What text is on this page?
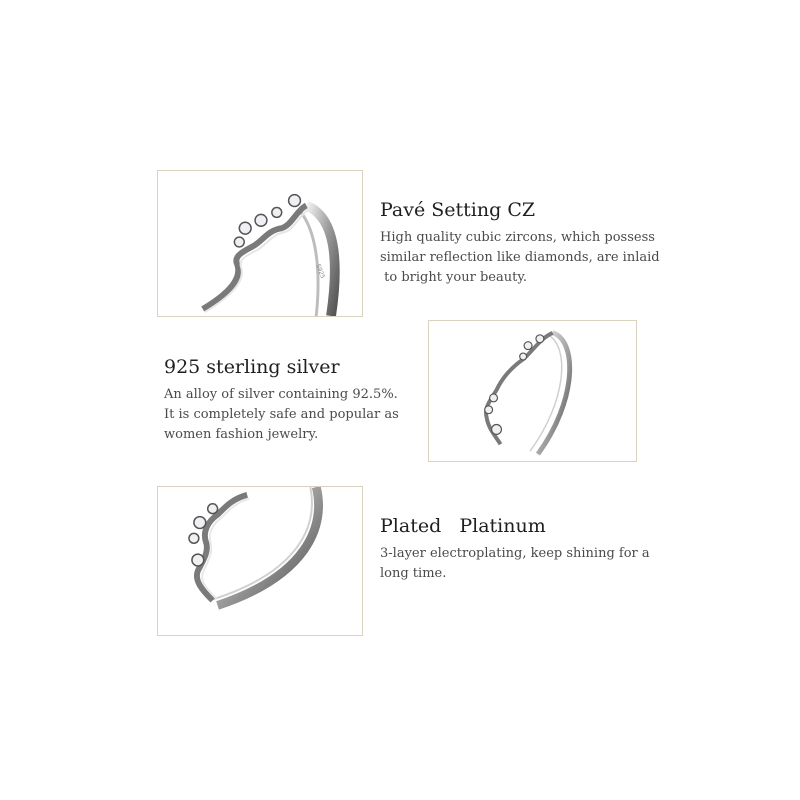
S925

Pavé Setting CZ

High quality cubic zircons, which possess

similar reflection like diamonds, are inlaid

to bright your beauty.

925 sterling silver

An alloy of silver containing 92.5%.

It is completely safe and popular as

women fashion jewelry.

Plated   Platinum

3-layer electroplating, keep shining for a

long time.
